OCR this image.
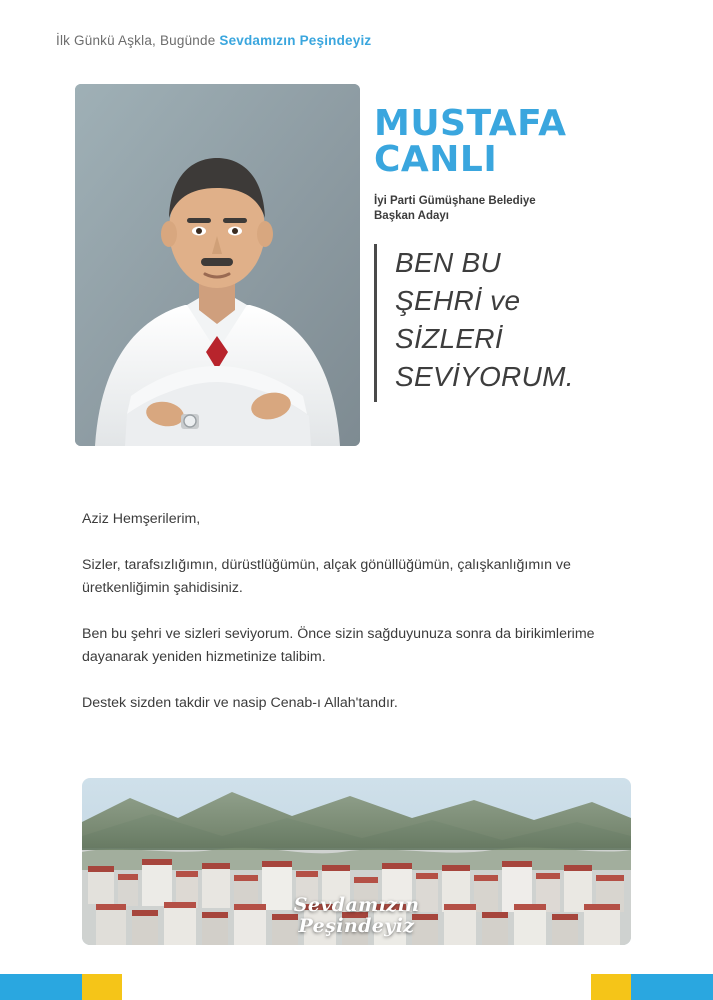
İlk Günkü Aşkla, Bugünde Sevdamızın Peşindeyiz
MUSTAFA
CANLI
İyi Parti Gümüşhane Belediye
Başkan Adayı
BEN BU
ŞEHRİ ve
SİZLERİ
SEVİYORUM.

Aziz Hemşerilerim,

Sizler, tarafsızlığımın, dürüstlüğümün, alçak gönüllüğümün, çalışkanlığımın ve üretkenliğimin şahidisiniz.

Ben bu şehri ve sizleri seviyorum. Önce sizin sağduyunuza sonra da birikimlerime dayanarak yeniden hizmetinize talibim.

Destek sizden takdir ve nasip Cenab-ı Allah'tandır.

Sevdamızın
Peşindeyiz
